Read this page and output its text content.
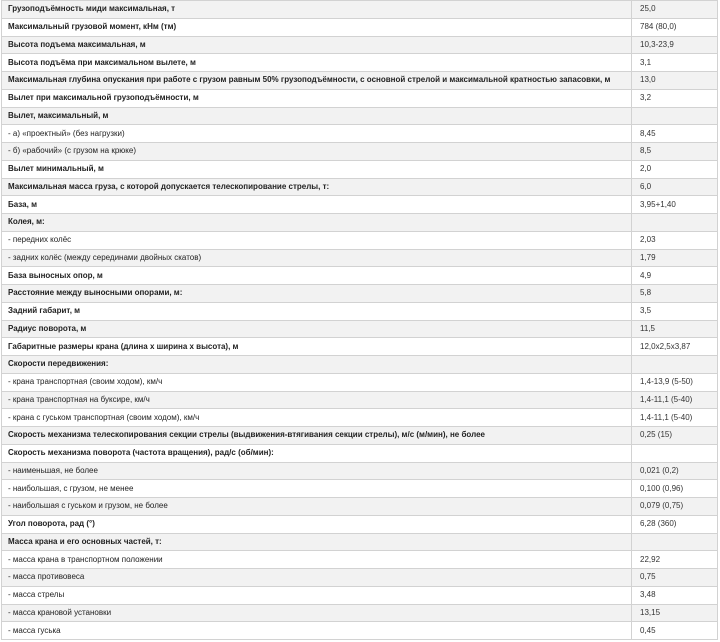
Грузоподъёмность миди максимальная, т	25,0
Максимальный грузовой момент, кНм (тм)	784 (80,0)
Высота подъема максимальная, м	10,3-23,9
Высота подъёма при максимальном вылете, м	3,1
Максимальная глубина опускания при работе с грузом равным 50% грузоподъёмности, с основной стрелой и максимальной кратностью запасовки, м	13,0
Вылет при максимальной грузоподъёмности, м	3,2
Вылет, максимальный, м	
- а) «проектный» (без нагрузки)	8,45
- б) «рабочий» (с грузом на крюке)	8,5
Вылет минимальный, м	2,0
Максимальная масса груза, с которой допускается телескопирование стрелы, т:	6,0
База, м	3,95+1,40
Колея, м:	
- передних колёс	2,03
- задних колёс (между серединами двойных скатов)	1,79
База выносных опор, м	4,9
Расстояние между выносными опорами, м:	5,8
Задний габарит, м	3,5
Радиус поворота, м	11,5
Габаритные размеры крана (длина х ширина х высота), м	12,0х2,5х3,87
Скорости передвижения:	
- крана транспортная (своим ходом), км/ч	1,4-13,9 (5-50)
- крана транспортная на буксире, км/ч	1,4-11,1 (5-40)
- крана с гуськом транспортная (своим ходом), км/ч	1,4-11,1 (5-40)
Скорость механизма телескопирования секции стрелы (выдвижения-втягивания секции стрелы), м/с (м/мин), не более	0,25 (15)
Скорость механизма поворота (частота вращения), рад/с (об/мин):	
- наименьшая, не более	0,021 (0,2)
- наибольшая, с грузом, не менее	0,100 (0,96)
- наибольшая с гуськом и грузом, не более	0,079 (0,75)
Угол поворота, рад (°)	6,28 (360)
Масса крана и его основных частей, т:	
- масса крана в транспортном положении	22,92
- масса противовеса	0,75
- масса стрелы	3,48
- масса крановой установки	13,15
- масса гуська	0,45
